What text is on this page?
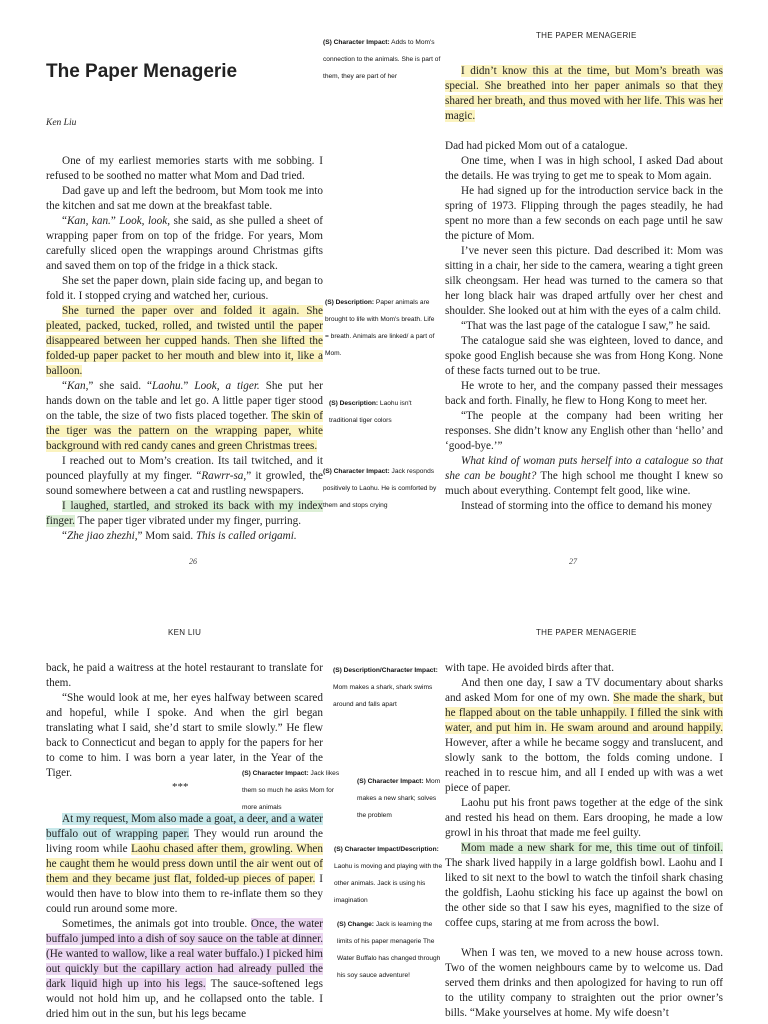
The Paper Menagerie
Ken Liu

One of my earliest memories starts with me sobbing. I refused to be soothed no matter what Mom and Dad tried.

Dad gave up and left the bedroom, but Mom took me into the kitchen and sat me down at the breakfast table.

“Kan, kan.” Look, look, she said, as she pulled a sheet of wrapping paper from on top of the fridge. For years, Mom carefully sliced open the wrappings around Christmas gifts and saved them on top of the fridge in a thick stack.

She set the paper down, plain side facing up, and began to fold it. I stopped crying and watched her, curious.

She turned the paper over and folded it again. She pleated, packed, tucked, rolled, and twisted until the paper disappeared between her cupped hands. Then she lifted the folded-up paper packet to her mouth and blew into it, like a balloon.

“Kan,” she said. “Laohu.” Look, a tiger. She put her hands down on the table and let go. A little paper tiger stood on the table, the size of two fists placed together. The skin of the tiger was the pattern on the wrapping paper, white background with red candy canes and green Christmas trees.

I reached out to Mom’s creation. Its tail twitched, and it pounced playfully at my finger. “Rawrr-sa,” it growled, the sound somewhere between a cat and rustling newspapers.

I laughed, startled, and stroked its back with my index finger. The paper tiger vibrated under my finger, purring.

“Zhe jiao zhezhi,” Mom said. This is called origami.

26
(S) Character Impact: Adds to Mom's connection to the animals. She is part of them, they are part of her
(S) Description: Paper animals are brought to life with Mom's breath. Life = breath. Animals are linked/ a part of Mom.
(S) Description: Laohu isn't traditional tiger colors
(S) Character Impact: Jack responds positively to Laohu. He is comforted by them and stops crying
THE PAPER MENAGERIE

I didn’t know this at the time, but Mom’s breath was special. She breathed into her paper animals so that they shared her breath, and thus moved with her life. This was her magic.

Dad had picked Mom out of a catalogue.

One time, when I was in high school, I asked Dad about the details. He was trying to get me to speak to Mom again.

He had signed up for the introduction service back in the spring of 1973. Flipping through the pages steadily, he had spent no more than a few seconds on each page until he saw the picture of Mom.

I’ve never seen this picture. Dad described it: Mom was sitting in a chair, her side to the camera, wearing a tight green silk cheongsam. Her head was turned to the camera so that her long black hair was draped artfully over her chest and shoulder. She looked out at him with the eyes of a calm child.

“That was the last page of the catalogue I saw,” he said.

The catalogue said she was eighteen, loved to dance, and spoke good English because she was from Hong Kong. None of these facts turned out to be true.

He wrote to her, and the company passed their messages back and forth. Finally, he flew to Hong Kong to meet her.

“The people at the company had been writing her responses. She didn’t know any English other than ‘hello’ and ‘good-bye.’”

What kind of woman puts herself into a catalogue so that she can be bought? The high school me thought I knew so much about everything. Contempt felt good, like wine.

Instead of storming into the office to demand his money

27
KEN LIU

back, he paid a waitress at the hotel restaurant to translate for them.

“She would look at me, her eyes halfway between scared and hopeful, while I spoke. And when the girl began translating what I said, she’d start to smile slowly.” He flew back to Connecticut and began to apply for the papers for her to come to him. I was born a year later, in the Year of the Tiger.

***

At my request, Mom also made a goat, a deer, and a water buffalo out of wrapping paper. They would run around the living room while Laohu chased after them, growling. When he caught them he would press down until the air went out of them and they became just flat, folded-up pieces of paper. I would then have to blow into them to re-inflate them so they could run around some more.

Sometimes, the animals got into trouble. Once, the water buffalo jumped into a dish of soy sauce on the table at dinner. (He wanted to wallow, like a real water buffalo.) I picked him out quickly but the capillary action had already pulled the dark liquid high up into his legs. The sauce-softened legs would not hold him up, and he collapsed onto the table. I dried him out in the sun, but his legs became

(S) Description/Character Impact: Mom makes a shark, shark swims around and falls apart
(S) Character Impact: Jack likes them so much he asks Mom for more animals
(S) Character Impact: Mom makes a new shark; solves the problem
(S) Character Impact/Description: Laohu is moving and playing with the other animals. Jack is using his imagination
(S) Change: Jack is learning the limits of his paper menagerie The Water Buffalo has changed through his soy sauce adventure!
THE PAPER MENAGERIE

with tape. He avoided birds after that.

And then one day, I saw a TV documentary about sharks and asked Mom for one of my own. She made the shark, but he flapped about on the table unhappily. I filled the sink with water, and put him in. He swam around and around happily. However, after a while he became soggy and translucent, and slowly sank to the bottom, the folds coming undone. I reached in to rescue him, and all I ended up with was a wet piece of paper.

Laohu put his front paws together at the edge of the sink and rested his head on them. Ears drooping, he made a low growl in his throat that made me feel guilty.

Mom made a new shark for me, this time out of tinfoil. The shark lived happily in a large goldfish bowl. Laohu and I liked to sit next to the bowl to watch the tinfoil shark chasing the goldfish, Laohu sticking his face up against the bowl on the other side so that I saw his eyes, magnified to the size of coffee cups, staring at me from across the bowl.

When I was ten, we moved to a new house across town. Two of the women neighbours came by to welcome us. Dad served them drinks and then apologized for having to run off to the utility company to straighten out the prior owner’s bills. “Make yourselves at home. My wife doesn’t
